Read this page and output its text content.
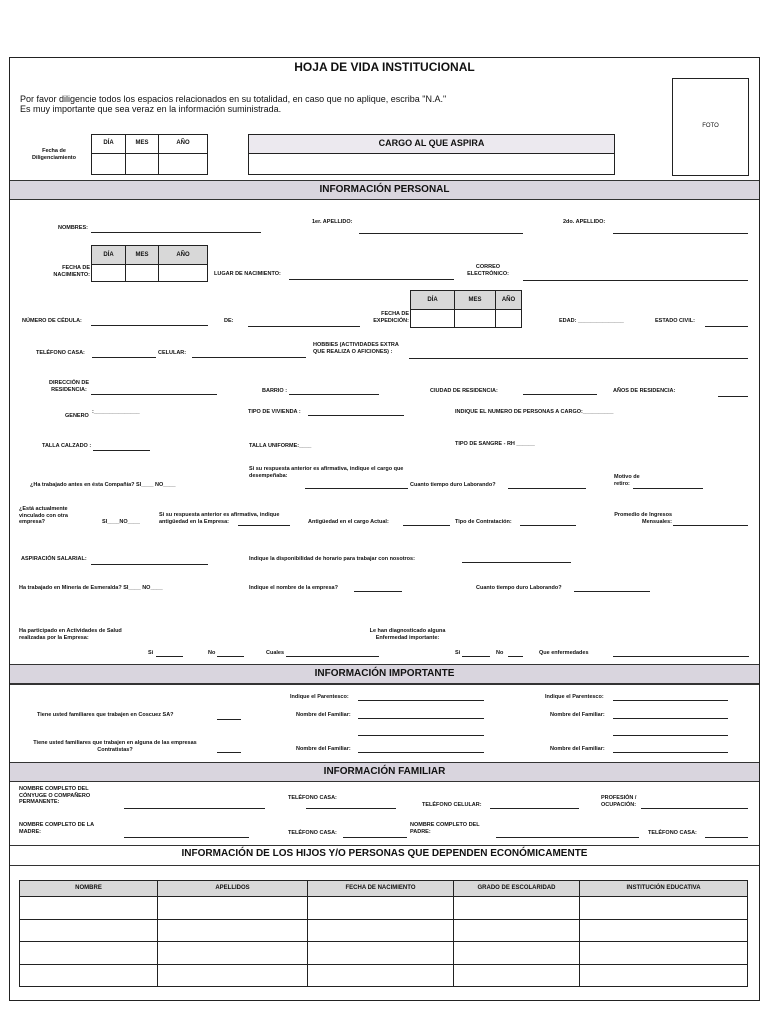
HOJA DE VIDA INSTITUCIONAL
Por favor diligencie todos los espacios relacionados en su totalidad, en caso que no aplique, escriba "N.A."
Es muy importante que sea veraz en la información suministrada.
FOTO
Fecha de Diligenciamiento
DÍA	MES	AÑO	CARGO AL QUE ASPIRA
INFORMACIÓN PERSONAL
NOMBRES:
1er. APELLIDO:	2do. APELLIDO:
DÍA	MES	AÑO
FECHA DE NACIMIENTO:	LUGAR DE NACIMIENTO:
CORREO ELECTRÓNICO:
NÚMERO DE CÉDULA:	DE:
DÍA	MES	AÑO
FECHA DE EXPEDICIÓN:	EDAD: _______________	ESTADO CIVIL:
TELÉFONO CASA:	CELULAR:
HOBBIES (ACTIVIDADES EXTRA QUE REALIZA O AFICIONES) :
DIRECCIÓN DE RESIDENCIA:	BARRIO :	CIUDAD DE RESIDENCIA:	AÑOS DE RESIDENCIA:
GENERO
:_______________	TIPO DE VIVIENDA :	INDIQUE EL NUMERO DE PERSONAS A CARGO:__________
TALLA CALZADO :	TALLA UNIFORME:____	TIPO DE SANGRE - RH ______
¿Ha trabajado antes en ésta Compañía? SI____ NO____
Si su respuesta anterior es afirmativa, indique el cargo que desempeñaba:
Cuanto tiempo duro Laborando?
Motivo de retiro:
¿Está actualmente vinculado con otra empresa?	SI____NO____
Si su respuesta anterior es afirmativa, indique antigüedad en la Empresa:	Antigüedad en el cargo Actual:	Tipo de Contratación:
Promedio de Ingresos Mensuales:
ASPIRACIÓN SALARIAL:	Indique la disponibilidad de horario para trabajar con nosotros:
Ha trabajado en Minería de Esmeralda? SI____ NO____	Indique el nombre de la empresa?	Cuanto tiempo duro Laborando?
Ha participado en Actividades de Salud realizadas por la Empresa:
Si	No	Cuales
Le han diagnosticado alguna Enfermedad importante:
Si	No	Que enfermedades
INFORMACIÓN IMPORTANTE
Indique el Parentesco:	Indique el Parentesco:
Tiene usted familiares que trabajen en Coscuez SA?	Nombre del Familiar:	Nombre del Familiar:
Tiene usted familiares que trabajen en alguna de las empresas Contratistas?	Nombre del Familiar:	Nombre del Familiar:
INFORMACIÓN FAMILIAR
NOMBRE COMPLETO DEL CÓNYUGE O COMPAÑERO PERMANENTE:
TELÉFONO CASA:
TELÉFONO CELULAR:
PROFESIÓN / OCUPACIÓN:
NOMBRE COMPLETO DE LA MADRE:	TELÉFONO CASA:
NOMBRE COMPLETO DEL PADRE:	TELÉFONO CASA:
INFORMACIÓN DE LOS HIJOS Y/O PERSONAS QUE DEPENDEN ECONÓMICAMENTE
NOMBRE	APELLIDOS	FECHA DE NACIMIENTO	GRADO DE ESCOLARIDAD	INSTITUCIÓN EDUCATIVA
